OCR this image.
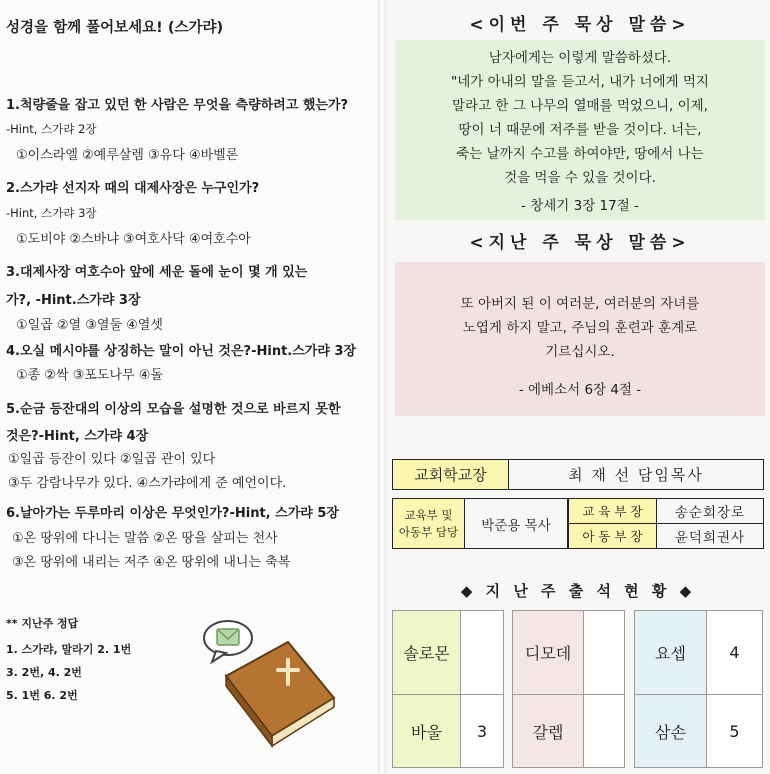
성경을 함께 풀어보세요! (스가랴)
1.척량줄을 잡고 있던 한 사람은 무엇을 측량하려고 했는가?
-Hint, 스가랴 2장
①이스라엘 ②예루살렘 ③유다 ④바벨론
2.스가랴 선지자 때의 대제사장은 누구인가?
-Hint, 스가랴 3장
①도비야 ②스바냐 ③여호사닥 ④여호수아
3.대제사장 여호수아 앞에 세운 돌에 눈이 몇 개 있는
가?, -Hint.스가랴 3장
①일곱 ②열 ③열둘 ④열셋
4.오실 메시야를 상징하는 말이 아닌 것은?-Hint.스가랴 3장
①종 ②싹 ③포도나무 ④돌
5.순금 등잔대의 이상의 모습을 설명한 것으로 바르지 못한
것은?-Hint, 스가랴 4장
①일곱 등잔이 있다 ②일곱 관이 있다
③두 감람나무가 있다. ④스가랴에게 준 예언이다.
6.날아가는 두루마리 이상은 무엇인가?-Hint, 스가랴 5장
①온 땅위에 다니는 말씀 ②온 땅을 살피는 천사
③온 땅위에 내리는 저주 ④온 땅위에 내니는 축복
** 지난주 정답
1. 스가랴, 말라기 2. 1번
3. 2번, 4. 2번
5. 1번 6. 2번
<이번 주 묵상 말씀>
남자에게는 이렇게 말씀하셨다.
"네가 아내의 말을 듣고서, 내가 너에게 먹지
말라고 한 그 나무의 열매를 먹었으니, 이제,
땅이 너 때문에 저주를 받을 것이다. 너는,
죽는 날까지 수고를 하여야만, 땅에서 나는
것을 먹을 수 있을 것이다.
- 창세기 3장 17절 -
<지난 주 묵상 말씀>
또 아버지 된 이 여러분, 여러분의 자녀를
노엽게 하지 말고, 주님의 훈련과 훈계로
기르십시오.
- 에베소서 6장 4절 -
교회학교장	최 재 선 담임목사
교육부 및
아동부 담당	박준용 목사
교 육 부 장	송순회장로
아 동 부 장	윤덕희권사
◆ 지 난 주 출 석 현 황 ◆
솔로몬
바울	3
디모데
갈렙
요셉	4
삼손	5
